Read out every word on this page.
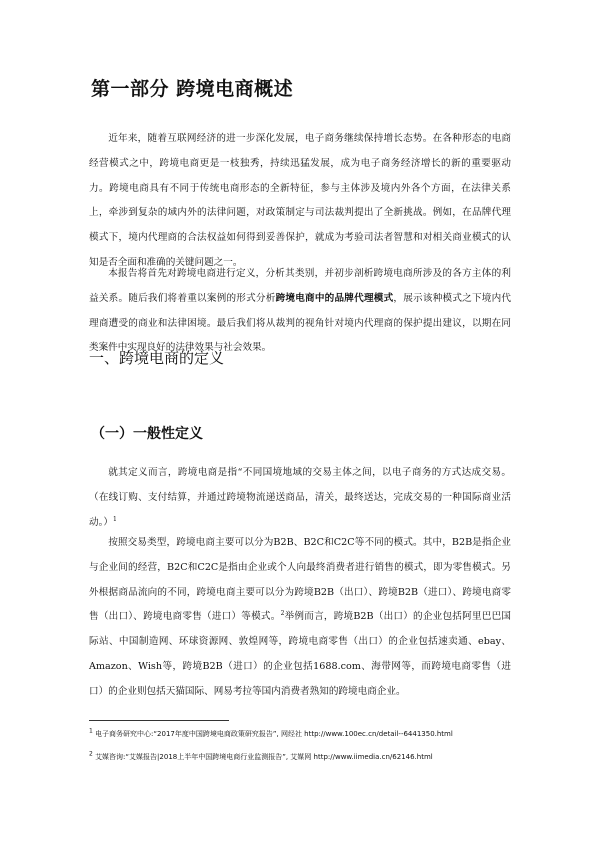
第一部分 跨境电商概述

近年来，随着互联网经济的进一步深化发展，电子商务继续保持增长态势。在各种形态的电商经营模式之中，跨境电商更是一枝独秀，持续迅猛发展，成为电子商务经济增长的新的重要驱动力。跨境电商具有不同于传统电商形态的全新特征，参与主体涉及境内外各个方面，在法律关系上，牵涉到复杂的域内外的法律问题，对政策制定与司法裁判提出了全新挑战。例如，在品牌代理模式下，境内代理商的合法权益如何得到妥善保护，就成为考验司法者智慧和对相关商业模式的认知是否全面和准确的关键问题之一。

本报告将首先对跨境电商进行定义，分析其类别，并初步剖析跨境电商所涉及的各方主体的利益关系。随后我们将着重以案例的形式分析跨境电商中的品牌代理模式，展示该种模式之下境内代理商遭受的商业和法律困境。最后我们将从裁判的视角针对境内代理商的保护提出建议，以期在同类案件中实现良好的法律效果与社会效果。

一、跨境电商的定义
（一）一般性定义

就其定义而言，跨境电商是指“不同国境地域的交易主体之间，以电子商务的方式达成交易。（在线订购、支付结算，并通过跨境物流递送商品，清关，最终送达，完成交易的一种国际商业活动。）$^1$

按照交易类型，跨境电商主要可以分为B2B、B2C和C2C等不同的模式。其中，B2B是指企业与企业间的经营，B2C和C2C是指由企业或个人向最终消费者进行销售的模式，即为零售模式。另外根据商品流向的不同，跨境电商主要可以分为跨境B2B（出口）、跨境B2B（进口）、跨境电商零售（出口）、跨境电商零售（进口）等模式。$^2$举例而言，跨境B2B（出口）的企业包括阿里巴巴国际站、中国制造网、环球资源网、敦煌网等，跨境电商零售（出口）的企业包括速卖通、ebay、Amazon、Wish等，跨境B2B（进口）的企业包括1688.com、海带网等，而跨境电商零售（进口）的企业则包括天猫国际、网易考拉等国内消费者熟知的跨境电商企业。

$^1$ 电子商务研究中心:“2017年度中国跨境电商政策研究报告”, 网经社 http://www.100ec.cn/detail--6441350.html

$^2$ 艾媒咨询:“艾媒报告|2018上半年中国跨境电商行业监测报告”, 艾媒网 http://www.iimedia.cn/62146.html
